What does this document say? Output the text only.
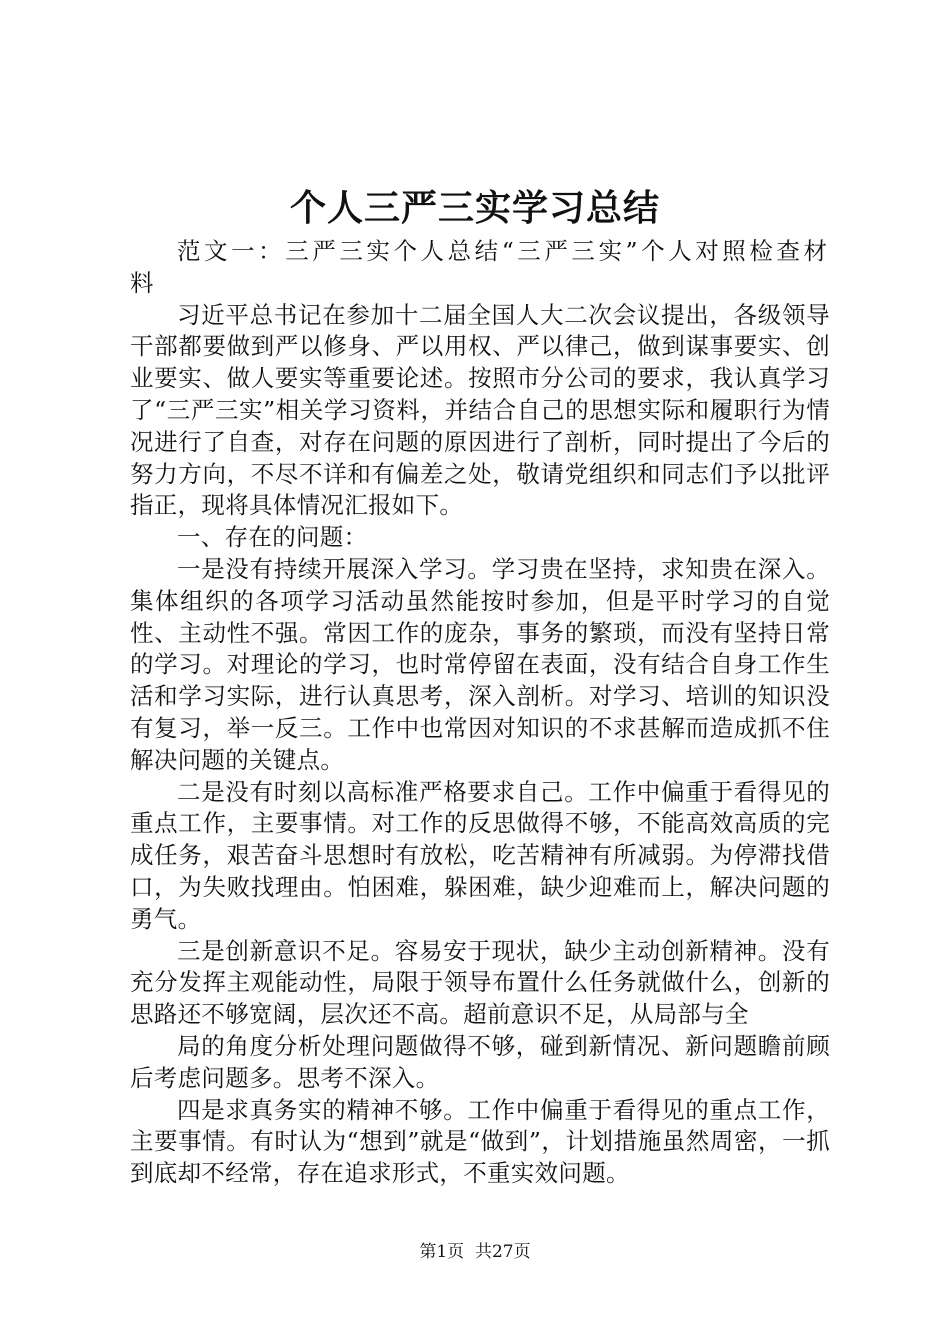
个人三严三实学习总结

范文一：三严三实个人总结“三严三实”个人对照检查材料

习近平总书记在参加十二届全国人大二次会议提出，各级领导干部都要做到严以修身、严以用权、严以律己，做到谋事要实、创业要实、做人要实等重要论述。按照市分公司的要求，我认真学习了“三严三实”相关学习资料，并结合自己的思想实际和履职行为情况进行了自查，对存在问题的原因进行了剖析，同时提出了今后的努力方向，不尽不详和有偏差之处，敬请党组织和同志们予以批评指正，现将具体情况汇报如下。

一、存在的问题：

一是没有持续开展深入学习。学习贵在坚持，求知贵在深入。集体组织的各项学习活动虽然能按时参加，但是平时学习的自觉性、主动性不强。常因工作的庞杂，事务的繁琐，而没有坚持日常的学习。对理论的学习，也时常停留在表面，没有结合自身工作生活和学习实际，进行认真思考，深入剖析。对学习、培训的知识没有复习，举一反三。工作中也常因对知识的不求甚解而造成抓不住解决问题的关键点。

二是没有时刻以高标准严格要求自己。工作中偏重于看得见的重点工作，主要事情。对工作的反思做得不够，不能高效高质的完成任务，艰苦奋斗思想时有放松，吃苦精神有所减弱。为停滞找借口，为失败找理由。怕困难，躲困难，缺少迎难而上，解决问题的勇气。

三是创新意识不足。容易安于现状，缺少主动创新精神。没有充分发挥主观能动性，局限于领导布置什么任务就做什么，创新的思路还不够宽阔，层次还不高。超前意识不足，从局部与全

局的角度分析处理问题做得不够，碰到新情况、新问题瞻前顾后考虑问题多。思考不深入。

四是求真务实的精神不够。工作中偏重于看得见的重点工作，主要事情。有时认为“想到”就是“做到”，计划措施虽然周密，一抓到底却不经常，存在追求形式，不重实效问题。

第1页  共27页
